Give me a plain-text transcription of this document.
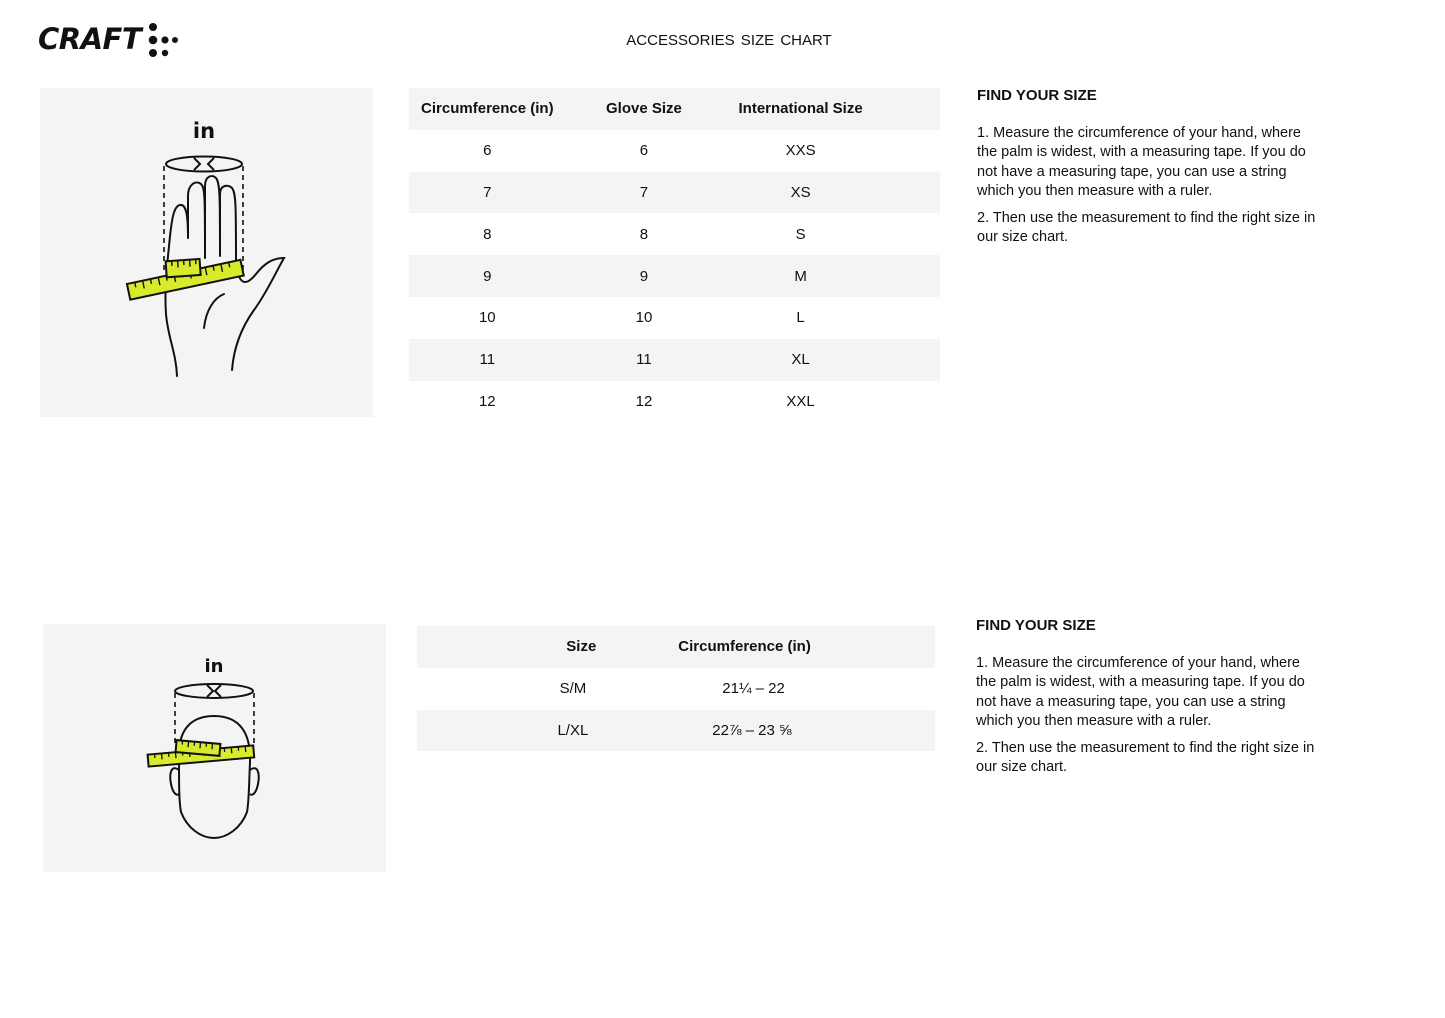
CRAFT	ACCESSORIES SIZE CHART
in
Circumference (in)	Glove Size	International Size	
6	6	XXS	
7	7	XS	
8	8	S	
9	9	M	
10	10	L	
11	11	XL	
12	12	XXL	
FIND YOUR SIZE

1. Measure the circumference of your hand, where the palm is widest, with a measuring tape. If you do not have a measuring tape, you can use a string which you then measure with a ruler.

2. Then use the measurement to find the right size in our size chart.

in
Size	Circumference (in)
S/M	21¼ – 22
L/XL	22⅞ – 23 ⅝
FIND YOUR SIZE

1. Measure the circumference of your hand, where the palm is widest, with a measuring tape. If you do not have a measuring tape, you can use a string which you then measure with a ruler.

2. Then use the measurement to find the right size in our size chart.
